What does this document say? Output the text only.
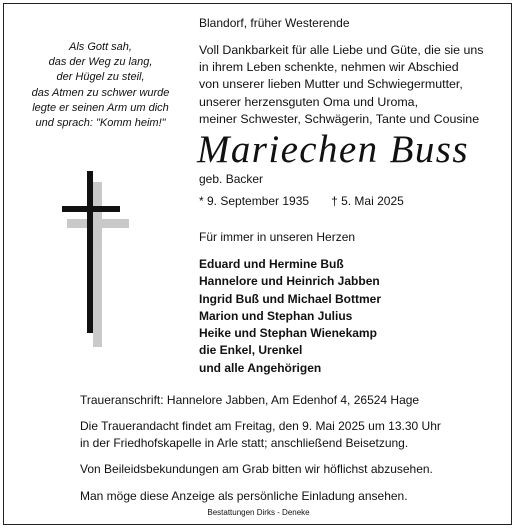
Blandorf, früher Westerende
Als Gott sah,
das der Weg zu lang,
der Hügel zu steil,
das Atmen zu schwer wurde
legte er seinen Arm um dich
und sprach: "Komm heim!"
Voll Dankbarkeit für alle Liebe und Güte, die sie uns
in ihrem Leben schenkte, nehmen wir Abschied
von unserer lieben Mutter und Schwiegermutter,
unserer herzensguten Oma und Uroma,
meiner Schwester, Schwägerin, Tante und Cousine
Mariechen Buss
geb. Backer
* 9. September 1935 † 5. Mai 2025
Für immer in unseren Herzen
Eduard und Hermine Buß
Hannelore und Heinrich Jabben
Ingrid Buß und Michael Bottmer
Marion und Stephan Julius
Heike und Stephan Wienekamp
die Enkel, Urenkel
und alle Angehörigen
Traueranschrift: Hannelore Jabben, Am Edenhof 4, 26524 Hage
Die Trauerandacht findet am Freitag, den 9. Mai 2025 um 13.30 Uhr
in der Friedhofskapelle in Arle statt; anschließend Beisetzung.
Von Beileidsbekundungen am Grab bitten wir höflichst abzusehen.
Man möge diese Anzeige als persönliche Einladung ansehen.
Bestattungen Dirks - Deneke
